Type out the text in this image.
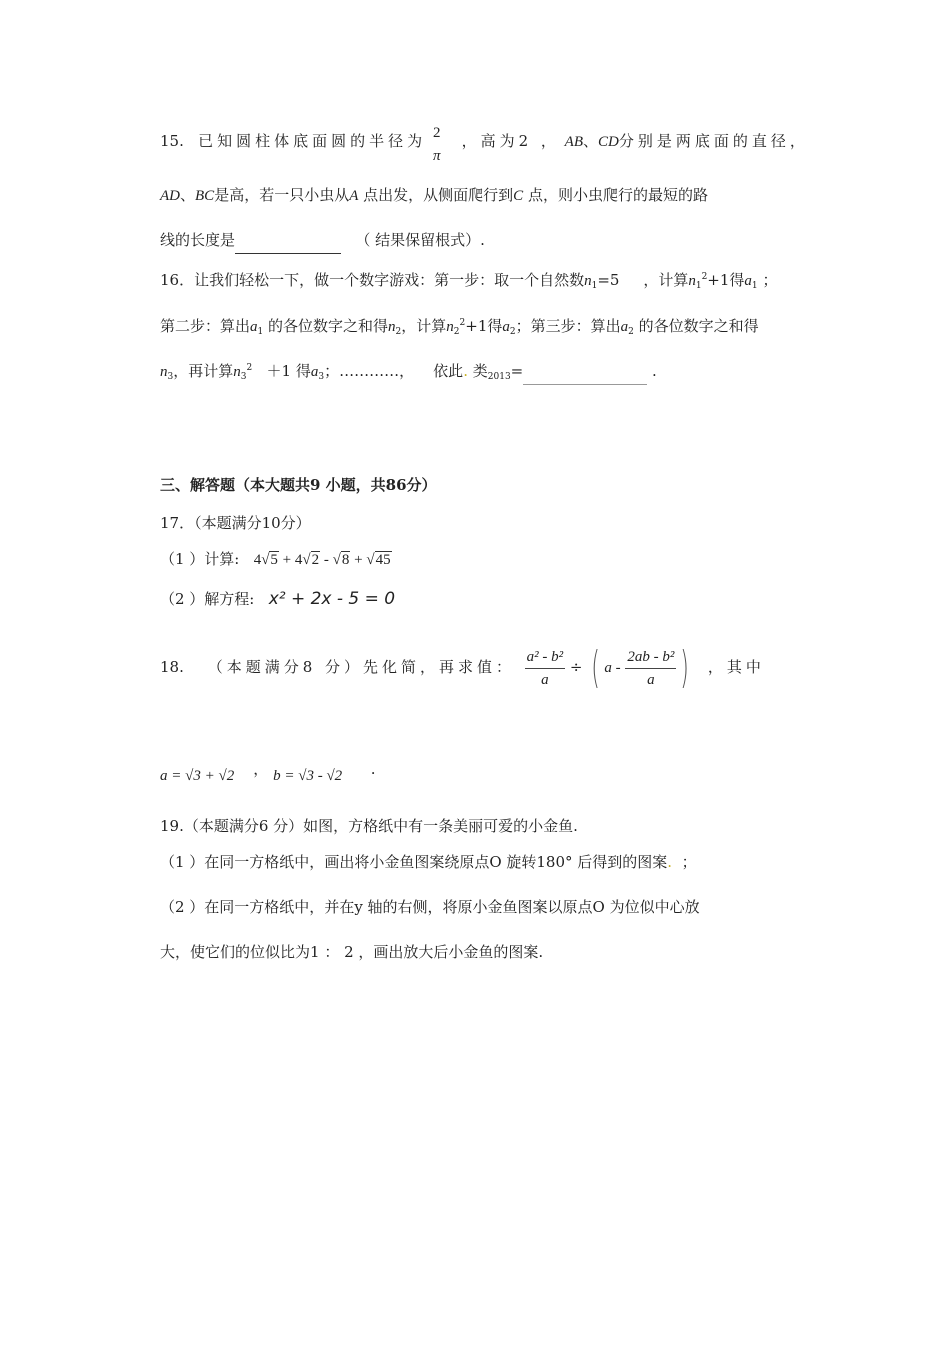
15. 已知圆柱体底面圆的半径为 $\frac{2}{\pi}$ ，高为2 ， AB、CD分别是两底面的直径，
AD、BC是高，若一只小虫从A 点出发，从侧面爬行到C 点，则小虫爬行的最短的路
线的长度是	（ 结果保留根式）.
16．让我们轻松一下，做一个数字游戏：第一步：取一个自然数$n_1=5$ ，计算$n_1^2+1$得$a_1$ ；
第二步：算出$a_1$ 的各位数字之和得$n_2$，计算$n_2^2+1$得$a_2$；第三步：算出$a_2$ 的各位数字之和得
$n_3$，再计算$n_3^2 +1$ 得$a_3$；…………， 依此. 类$_{2013}$=	.
三、解答题（本大题共9 小题，共86分）
17．（本题满分10分）
（1 ）计算: 4√5 + 4√2 - √8 + √45
（2 ）解方程: x² + 2x - 5 = 0
18. （本题满分8 分）先化简，再求值： $\frac{\text{a² - b²}}{a}$ ÷ ( a - $\frac{\text{2ab - b²}}{a}$ ) ，其中
a = √3 + √2 ， b = √3 - √2 .
19.（本题满分6 分）如图，方格纸中有一条美丽可爱的小金鱼.
（1 ）在同一方格纸中，画出将小金鱼图案绕原点O 旋转180° 后得到的图案. ；
（2 ）在同一方格纸中，并在y 轴的右侧，将原小金鱼图案以原点O 为位似中心放
大，使它们的位似比为1 ： 2 ，画出放大后小金鱼的图案.
